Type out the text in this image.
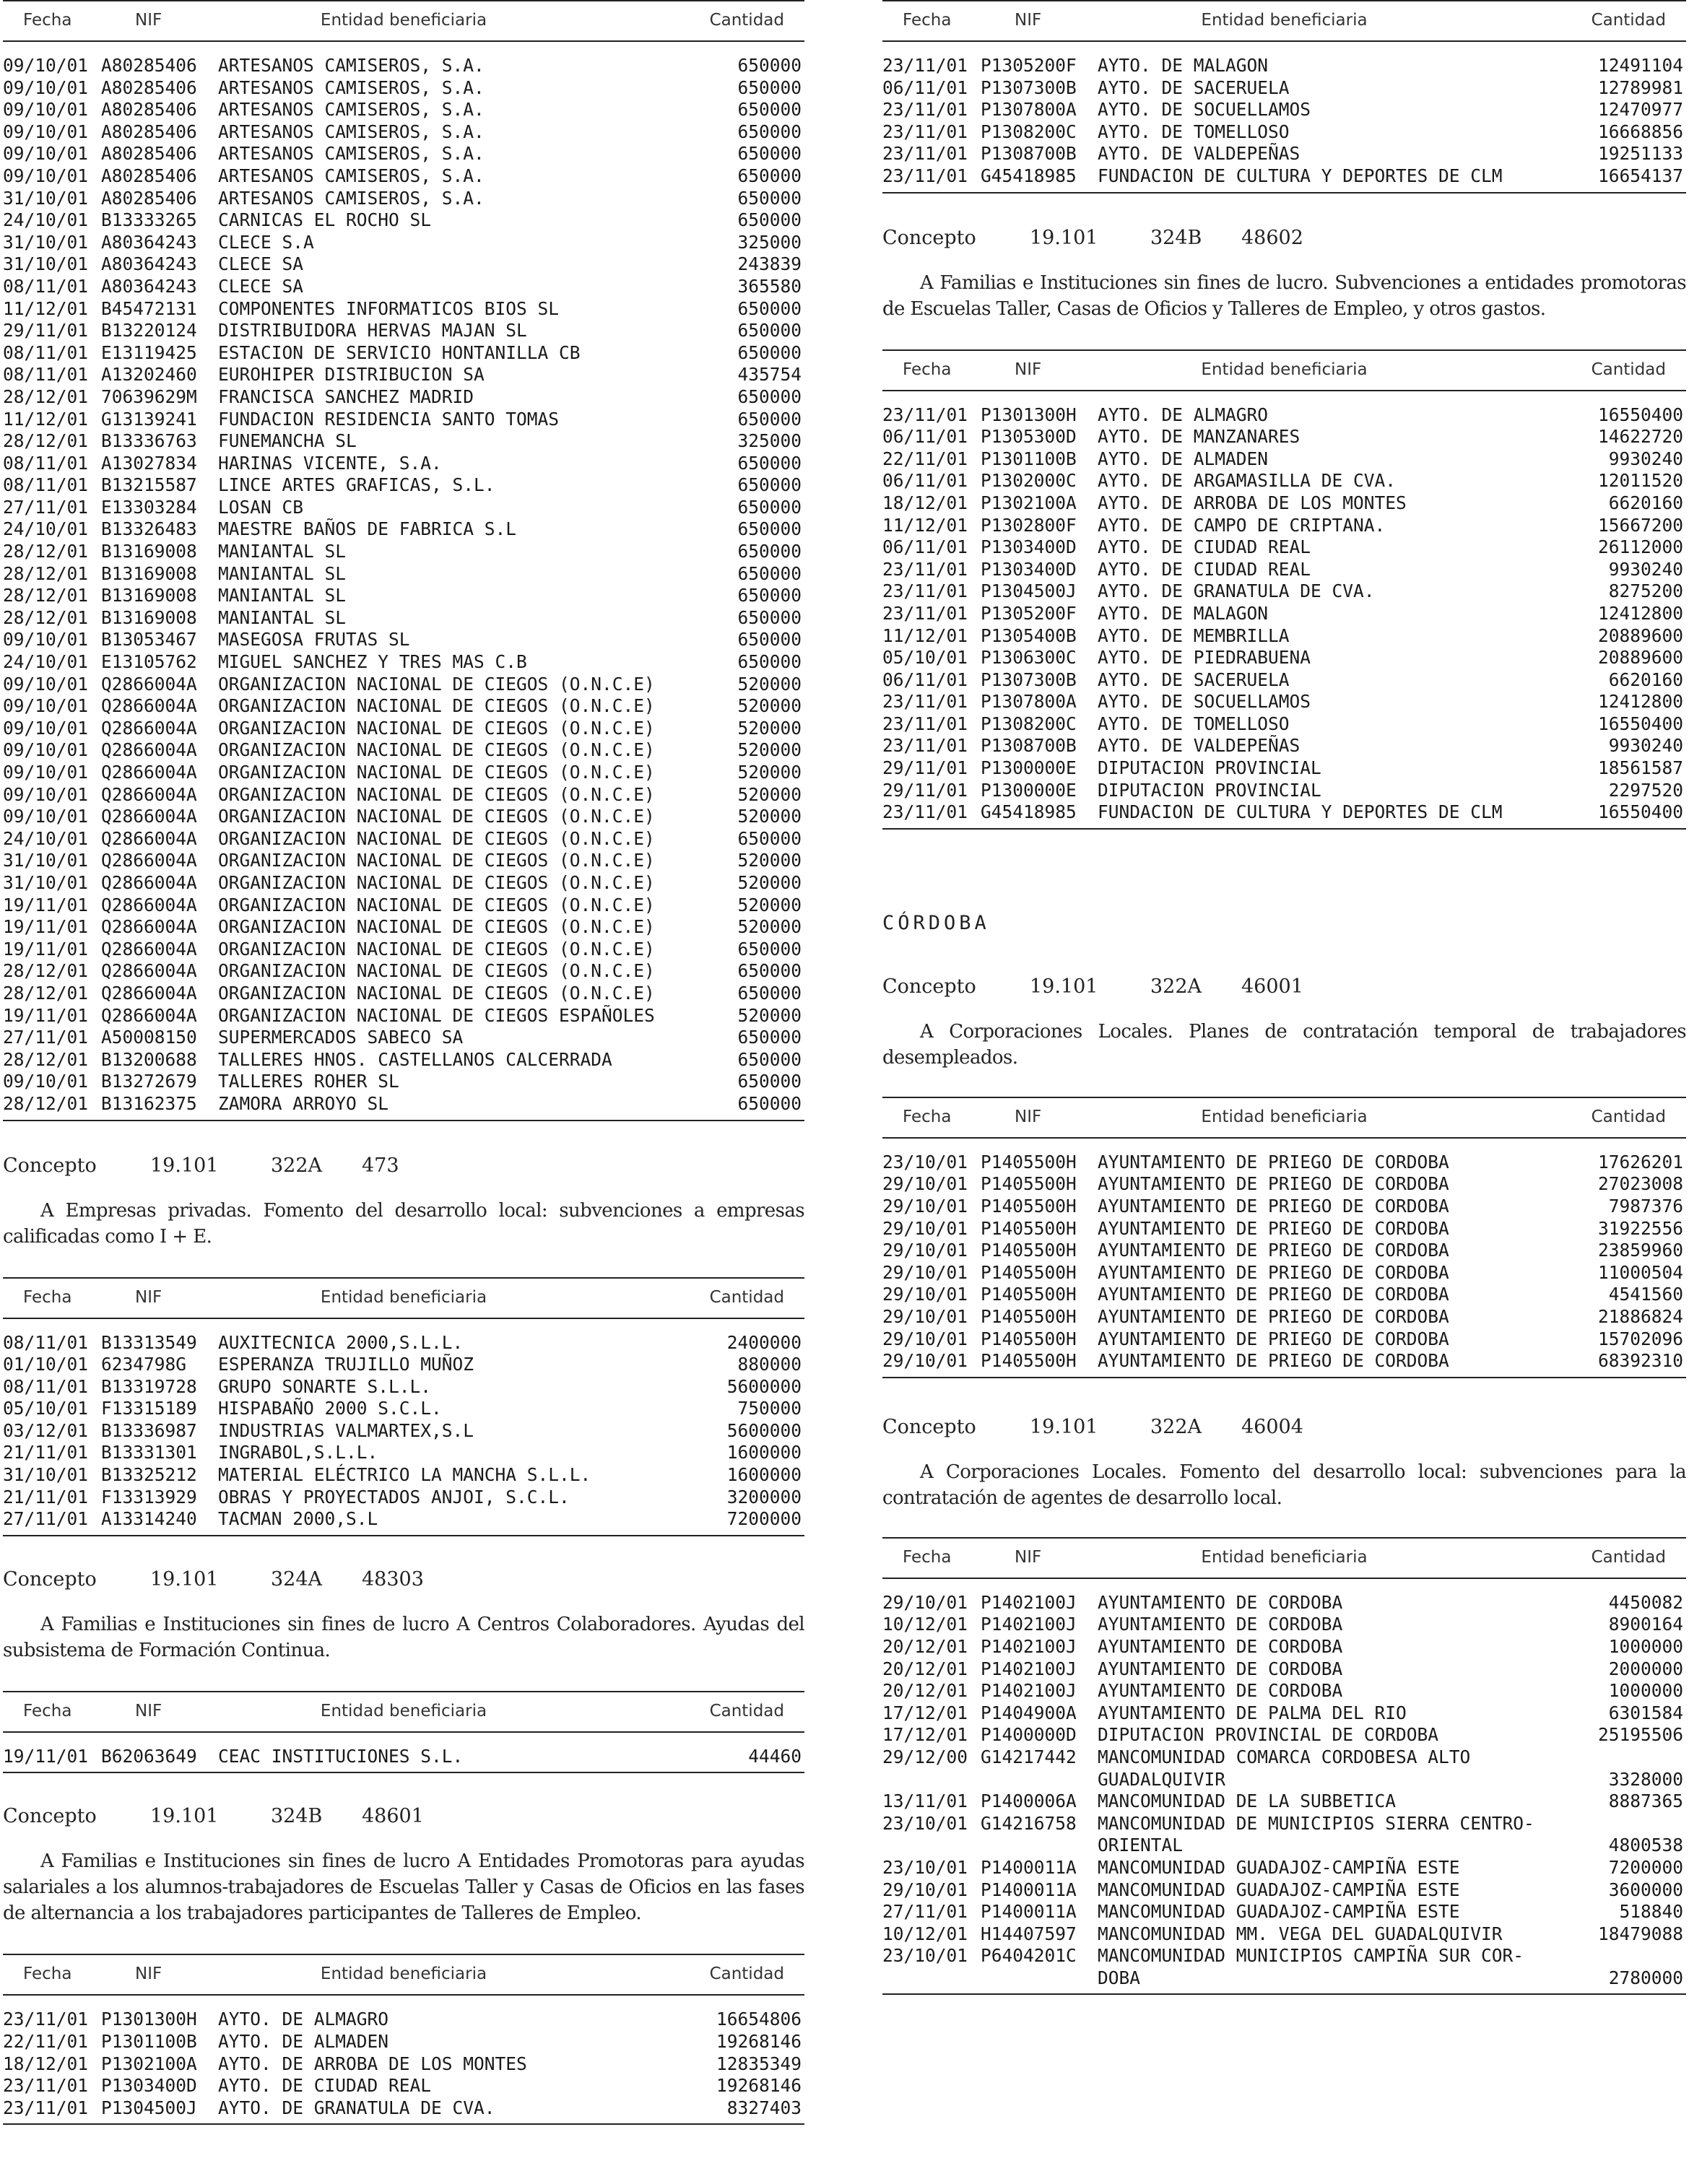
Fecha	NIF	Entidad beneficiaria	Cantidad
09/10/01 A80285406 ARTESANOS CAMISEROS, S.A.	650000
09/10/01 A80285406 ARTESANOS CAMISEROS, S.A.	650000
09/10/01 A80285406 ARTESANOS CAMISEROS, S.A.	650000
09/10/01 A80285406 ARTESANOS CAMISEROS, S.A.	650000
09/10/01 A80285406 ARTESANOS CAMISEROS, S.A.	650000
09/10/01 A80285406 ARTESANOS CAMISEROS, S.A.	650000
31/10/01 A80285406 ARTESANOS CAMISEROS, S.A.	650000
24/10/01 B13333265 CARNICAS EL ROCHO SL	650000
31/10/01 A80364243 CLECE S.A	325000
31/10/01 A80364243 CLECE SA	243839
08/11/01 A80364243 CLECE SA	365580
11/12/01 B45472131 COMPONENTES INFORMATICOS BIOS SL	650000
29/11/01 B13220124 DISTRIBUIDORA HERVAS MAJAN SL	650000
08/11/01 E13119425 ESTACION DE SERVICIO HONTANILLA CB	650000
08/11/01 A13202460 EUROHIPER DISTRIBUCION SA	435754
28/12/01 70639629M FRANCISCA SANCHEZ MADRID	650000
11/12/01 G13139241 FUNDACION RESIDENCIA SANTO TOMAS	650000
28/12/01 B13336763 FUNEMANCHA SL	325000
08/11/01 A13027834 HARINAS VICENTE, S.A.	650000
08/11/01 B13215587 LINCE ARTES GRAFICAS, S.L.	650000
27/11/01 E13303284 LOSAN CB	650000
24/10/01 B13326483 MAESTRE BAÑOS DE FABRICA S.L	650000
28/12/01 B13169008 MANIANTAL SL	650000
28/12/01 B13169008 MANIANTAL SL	650000
28/12/01 B13169008 MANIANTAL SL	650000
28/12/01 B13169008 MANIANTAL SL	650000
09/10/01 B13053467 MASEGOSA FRUTAS SL	650000
24/10/01 E13105762 MIGUEL SANCHEZ Y TRES MAS C.B	650000
09/10/01 Q2866004A ORGANIZACION NACIONAL DE CIEGOS (O.N.C.E)	520000
09/10/01 Q2866004A ORGANIZACION NACIONAL DE CIEGOS (O.N.C.E)	520000
09/10/01 Q2866004A ORGANIZACION NACIONAL DE CIEGOS (O.N.C.E)	520000
09/10/01 Q2866004A ORGANIZACION NACIONAL DE CIEGOS (O.N.C.E)	520000
09/10/01 Q2866004A ORGANIZACION NACIONAL DE CIEGOS (O.N.C.E)	520000
09/10/01 Q2866004A ORGANIZACION NACIONAL DE CIEGOS (O.N.C.E)	520000
09/10/01 Q2866004A ORGANIZACION NACIONAL DE CIEGOS (O.N.C.E)	520000
24/10/01 Q2866004A ORGANIZACION NACIONAL DE CIEGOS (O.N.C.E)	650000
31/10/01 Q2866004A ORGANIZACION NACIONAL DE CIEGOS (O.N.C.E)	520000
31/10/01 Q2866004A ORGANIZACION NACIONAL DE CIEGOS (O.N.C.E)	520000
19/11/01 Q2866004A ORGANIZACION NACIONAL DE CIEGOS (O.N.C.E)	520000
19/11/01 Q2866004A ORGANIZACION NACIONAL DE CIEGOS (O.N.C.E)	520000
19/11/01 Q2866004A ORGANIZACION NACIONAL DE CIEGOS (O.N.C.E)	650000
28/12/01 Q2866004A ORGANIZACION NACIONAL DE CIEGOS (O.N.C.E)	650000
28/12/01 Q2866004A ORGANIZACION NACIONAL DE CIEGOS (O.N.C.E)	650000
19/11/01 Q2866004A ORGANIZACION NACIONAL DE CIEGOS ESPAÑOLES	520000
27/11/01 A50008150 SUPERMERCADOS SABECO SA	650000
28/12/01 B13200688 TALLERES HNOS. CASTELLANOS CALCERRADA	650000
09/10/01 B13272679 TALLERES ROHER SL	650000
28/12/01 B13162375 ZAMORA ARROYO SL	650000
Concepto	19.101	322A 473

A Empresas privadas. Fomento del desarrollo local: subvenciones a empresas calificadas como I + E.

Fecha	NIF	Entidad beneficiaria	Cantidad
08/11/01 B13313549 AUXITECNICA 2000,S.L.L.	2400000
01/10/01 6234798G ESPERANZA TRUJILLO MUÑOZ	880000
08/11/01 B13319728 GRUPO SONARTE S.L.L.	5600000
05/10/01 F13315189 HISPABAÑO 2000 S.C.L.	750000
03/12/01 B13336987 INDUSTRIAS VALMARTEX,S.L	5600000
21/11/01 B13331301 INGRABOL,S.L.L.	1600000
31/10/01 B13325212 MATERIAL ELÉCTRICO LA MANCHA S.L.L.	1600000
21/11/01 F13313929 OBRAS Y PROYECTADOS ANJOI, S.C.L.	3200000
27/11/01 A13314240 TACMAN 2000,S.L	7200000
Concepto	19.101	324A 48303

A Familias e Instituciones sin fines de lucro A Centros Colaboradores. Ayudas del subsistema de Formación Continua.

Fecha	NIF	Entidad beneficiaria	Cantidad
19/11/01 B62063649 CEAC INSTITUCIONES S.L.	44460
Concepto	19.101	324B 48601

A Familias e Instituciones sin fines de lucro A Entidades Promotoras para ayudas salariales a los alumnos-trabajadores de Escuelas Taller y Casas de Oficios en las fases de alternancia a los trabajadores participantes de Talleres de Empleo.

Fecha	NIF	Entidad beneficiaria	Cantidad
23/11/01 P1301300H AYTO. DE ALMAGRO	16654806
22/11/01 P1301100B AYTO. DE ALMADEN	19268146
18/12/01 P1302100A AYTO. DE ARROBA DE LOS MONTES	12835349
23/11/01 P1303400D AYTO. DE CIUDAD REAL	19268146
23/11/01 P1304500J AYTO. DE GRANATULA DE CVA.	8327403
Fecha	NIF	Entidad beneficiaria	Cantidad
23/11/01 P1305200F AYTO. DE MALAGON	12491104
06/11/01 P1307300B AYTO. DE SACERUELA	12789981
23/11/01 P1307800A AYTO. DE SOCUELLAMOS	12470977
23/11/01 P1308200C AYTO. DE TOMELLOSO	16668856
23/11/01 P1308700B AYTO. DE VALDEPEÑAS	19251133
23/11/01 G45418985 FUNDACION DE CULTURA Y DEPORTES DE CLM	16654137
Concepto	19.101	324B 48602

A Familias e Instituciones sin fines de lucro. Subvenciones a entidades promotoras de Escuelas Taller, Casas de Oficios y Talleres de Empleo, y otros gastos.

Fecha	NIF	Entidad beneficiaria	Cantidad
23/11/01 P1301300H AYTO. DE ALMAGRO	16550400
06/11/01 P1305300D AYTO. DE MANZANARES	14622720
22/11/01 P1301100B AYTO. DE ALMADEN	9930240
06/11/01 P1302000C AYTO. DE ARGAMASILLA DE CVA.	12011520
18/12/01 P1302100A AYTO. DE ARROBA DE LOS MONTES	6620160
11/12/01 P1302800F AYTO. DE CAMPO DE CRIPTANA.	15667200
06/11/01 P1303400D AYTO. DE CIUDAD REAL	26112000
23/11/01 P1303400D AYTO. DE CIUDAD REAL	9930240
23/11/01 P1304500J AYTO. DE GRANATULA DE CVA.	8275200
23/11/01 P1305200F AYTO. DE MALAGON	12412800
11/12/01 P1305400B AYTO. DE MEMBRILLA	20889600
05/10/01 P1306300C AYTO. DE PIEDRABUENA	20889600
06/11/01 P1307300B AYTO. DE SACERUELA	6620160
23/11/01 P1307800A AYTO. DE SOCUELLAMOS	12412800
23/11/01 P1308200C AYTO. DE TOMELLOSO	16550400
23/11/01 P1308700B AYTO. DE VALDEPEÑAS	9930240
29/11/01 P1300000E DIPUTACION PROVINCIAL	18561587
29/11/01 P1300000E DIPUTACION PROVINCIAL	2297520
23/11/01 G45418985 FUNDACION DE CULTURA Y DEPORTES DE CLM	16550400
CÓRDOBA
Concepto	19.101	322A 46001

A Corporaciones Locales. Planes de contratación temporal de trabajadores desempleados.

Fecha	NIF	Entidad beneficiaria	Cantidad
23/10/01 P1405500H AYUNTAMIENTO DE PRIEGO DE CORDOBA	17626201
29/10/01 P1405500H AYUNTAMIENTO DE PRIEGO DE CORDOBA	27023008
29/10/01 P1405500H AYUNTAMIENTO DE PRIEGO DE CORDOBA	7987376
29/10/01 P1405500H AYUNTAMIENTO DE PRIEGO DE CORDOBA	31922556
29/10/01 P1405500H AYUNTAMIENTO DE PRIEGO DE CORDOBA	23859960
29/10/01 P1405500H AYUNTAMIENTO DE PRIEGO DE CORDOBA	11000504
29/10/01 P1405500H AYUNTAMIENTO DE PRIEGO DE CORDOBA	4541560
29/10/01 P1405500H AYUNTAMIENTO DE PRIEGO DE CORDOBA	21886824
29/10/01 P1405500H AYUNTAMIENTO DE PRIEGO DE CORDOBA	15702096
29/10/01 P1405500H AYUNTAMIENTO DE PRIEGO DE CORDOBA	68392310
Concepto	19.101	322A 46004

A Corporaciones Locales. Fomento del desarrollo local: subvenciones para la contratación de agentes de desarrollo local.

Fecha	NIF	Entidad beneficiaria	Cantidad
29/10/01 P1402100J AYUNTAMIENTO DE CORDOBA	4450082
10/12/01 P1402100J AYUNTAMIENTO DE CORDOBA	8900164
20/12/01 P1402100J AYUNTAMIENTO DE CORDOBA	1000000
20/12/01 P1402100J AYUNTAMIENTO DE CORDOBA	2000000
20/12/01 P1402100J AYUNTAMIENTO DE CORDOBA	1000000
17/12/01 P1404900A AYUNTAMIENTO DE PALMA DEL RIO	6301584
17/12/01 P1400000D DIPUTACION PROVINCIAL DE CORDOBA	25195506
29/12/00 G14217442 MANCOMUNIDAD COMARCA CORDOBESA ALTO
GUADALQUIVIR	3328000
13/11/01 P1400006A MANCOMUNIDAD DE LA SUBBETICA	8887365
23/10/01 G14216758 MANCOMUNIDAD DE MUNICIPIOS SIERRA CENTRO-
ORIENTAL	4800538
23/10/01 P1400011A MANCOMUNIDAD GUADAJOZ-CAMPIÑA ESTE	7200000
29/10/01 P1400011A MANCOMUNIDAD GUADAJOZ-CAMPIÑA ESTE	3600000
27/11/01 P1400011A MANCOMUNIDAD GUADAJOZ-CAMPIÑA ESTE	518840
10/12/01 H14407597 MANCOMUNIDAD MM. VEGA DEL GUADALQUIVIR	18479088
23/10/01 P6404201C MANCOMUNIDAD MUNICIPIOS CAMPIÑA SUR COR-
DOBA	2780000
